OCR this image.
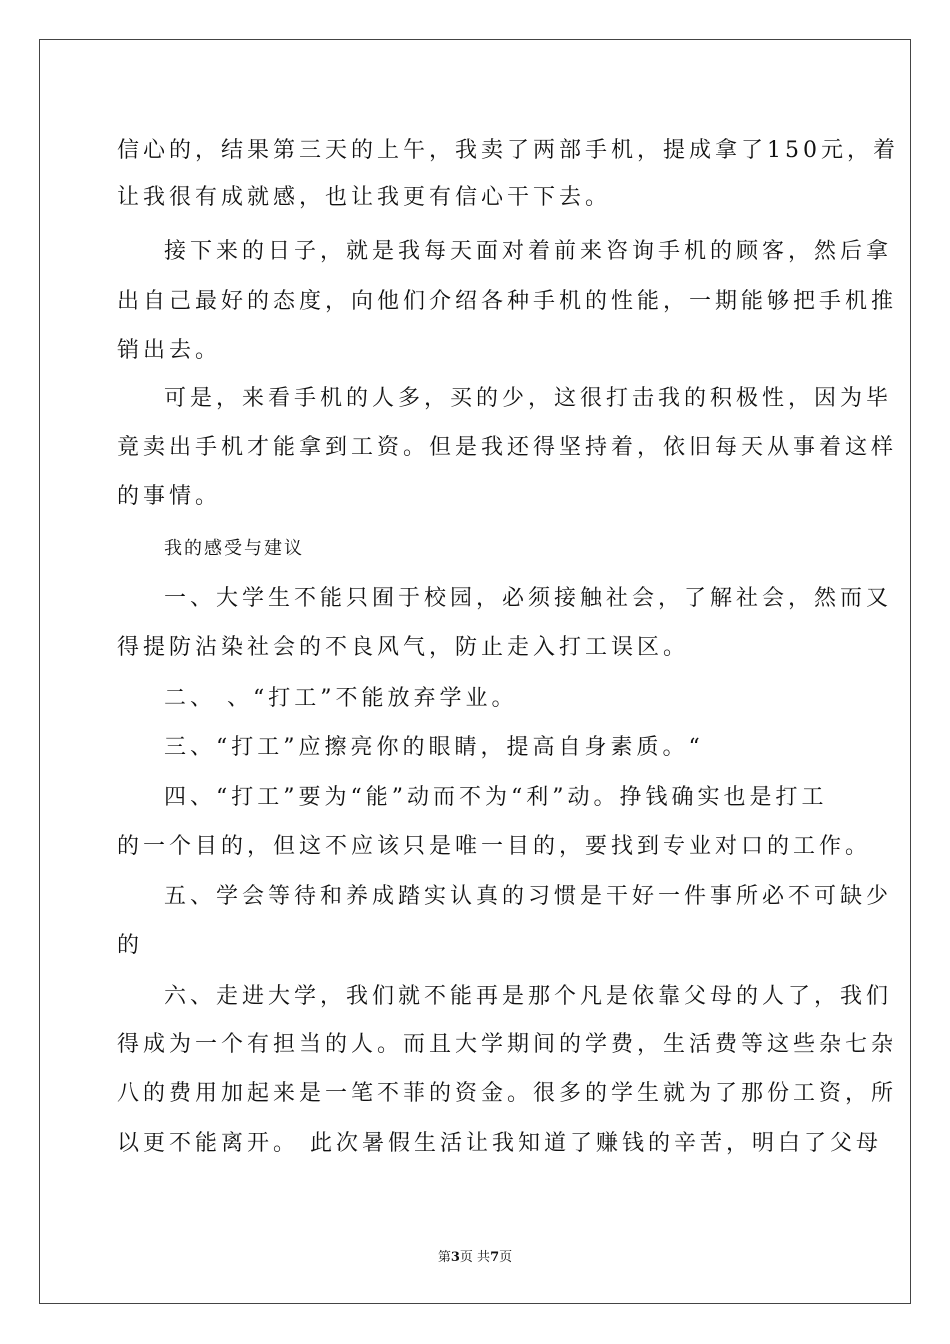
信心的，结果第三天的上午，我卖了两部手机，提成拿了150元，着
让我很有成就感，也让我更有信心干下去。
接下来的日子，就是我每天面对着前来咨询手机的顾客，然后拿
出自己最好的态度，向他们介绍各种手机的性能，一期能够把手机推
销出去。
可是，来看手机的人多，买的少，这很打击我的积极性，因为毕
竟卖出手机才能拿到工资。但是我还得坚持着，依旧每天从事着这样
的事情。
我的感受与建议
一、大学生不能只囿于校园，必须接触社会，了解社会，然而又
得提防沾染社会的不良风气，防止走入打工误区。
二、 、“打工”不能放弃学业。
三、“打工”应擦亮你的眼睛，提高自身素质。“
四、“打工”要为“能”动而不为“利”动。挣钱确实也是打工
的一个目的，但这不应该只是唯一目的，要找到专业对口的工作。
五、学会等待和养成踏实认真的习惯是干好一件事所必不可缺少
的
六、走进大学，我们就不能再是那个凡是依靠父母的人了，我们
得成为一个有担当的人。而且大学期间的学费，生活费等这些杂七杂
八的费用加起来是一笔不菲的资金。很多的学生就为了那份工资，所
以更不能离开。 此次暑假生活让我知道了赚钱的辛苦，明白了父母
第3页 共7页
